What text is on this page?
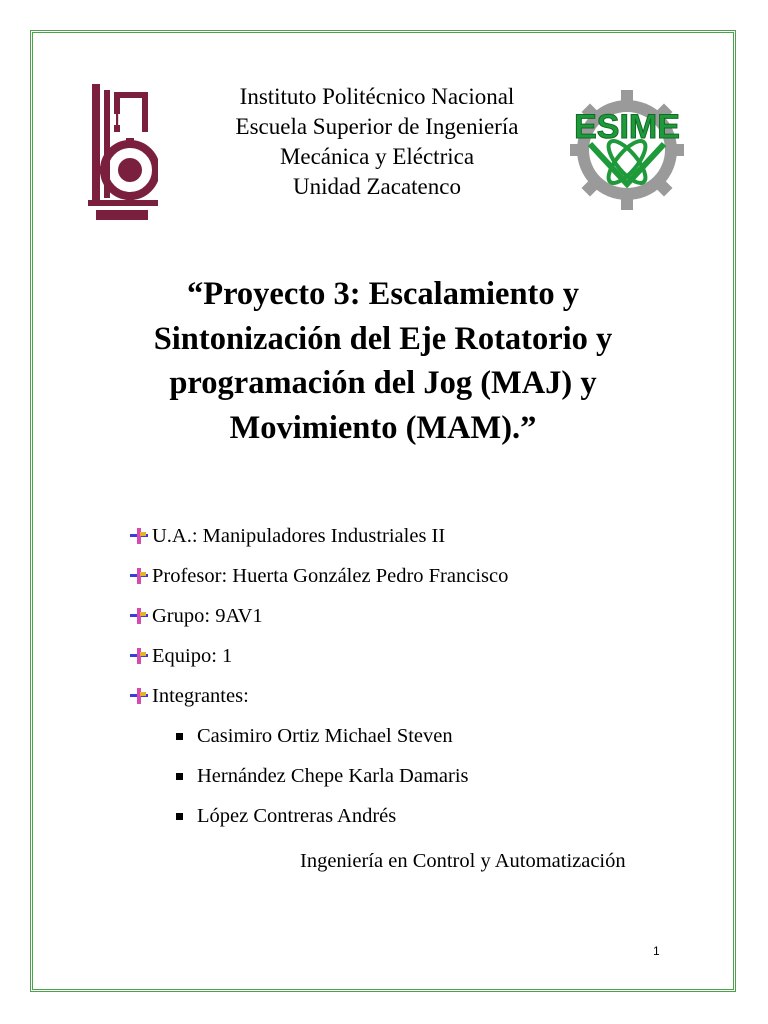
IPN	ESIME
Instituto Politécnico Nacional
Escuela Superior de Ingeniería
Mecánica y Eléctrica
Unidad Zacatenco
“Proyecto 3: Escalamiento y
Sintonización del Eje Rotatorio y
programación del Jog (MAJ) y
Movimiento (MAM).”
U.A.: Manipuladores Industriales II
Profesor: Huerta González Pedro Francisco
Grupo: 9AV1
Equipo: 1
Integrantes:
Casimiro Ortiz Michael Steven
Hernández Chepe Karla Damaris
López Contreras Andrés
Ingeniería en Control y Automatización
1
